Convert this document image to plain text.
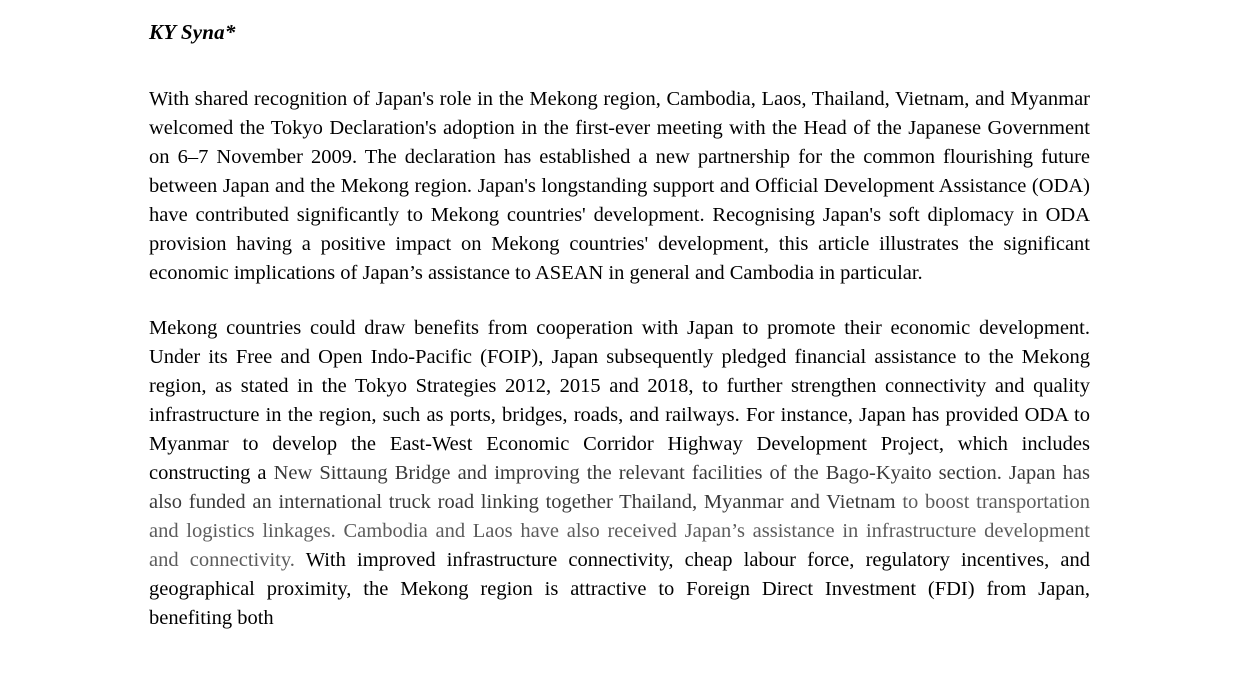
KY Syna*

With shared recognition of Japan's role in the Mekong region, Cambodia, Laos, Thailand, Vietnam, and Myanmar welcomed the Tokyo Declaration's adoption in the first-ever meeting with the Head of the Japanese Government on 6–7 November 2009. The declaration has established a new partnership for the common flourishing future between Japan and the Mekong region. Japan's longstanding support and Official Development Assistance (ODA) have contributed significantly to Mekong countries' development. Recognising Japan's soft diplomacy in ODA provision having a positive impact on Mekong countries' development, this article illustrates the significant economic implications of Japan’s assistance to ASEAN in general and Cambodia in particular.

Mekong countries could draw benefits from cooperation with Japan to promote their economic development. Under its Free and Open Indo-Pacific (FOIP), Japan subsequently pledged financial assistance to the Mekong region, as stated in the Tokyo Strategies 2012, 2015 and 2018, to further strengthen connectivity and quality infrastructure in the region, such as ports, bridges, roads, and railways. For instance, Japan has provided ODA to Myanmar to develop the East-West Economic Corridor Highway Development Project, which includes constructing a New Sittaung Bridge and improving the relevant facilities of the Bago-Kyaito section. Japan has also funded an international truck road linking together Thailand, Myanmar and Vietnam to boost transportation and logistics linkages. Cambodia and Laos have also received Japan’s assistance in infrastructure development and connectivity. With improved infrastructure connectivity, cheap labour force, regulatory incentives, and geographical proximity, the Mekong region is attractive to Foreign Direct Investment (FDI) from Japan, benefiting both
